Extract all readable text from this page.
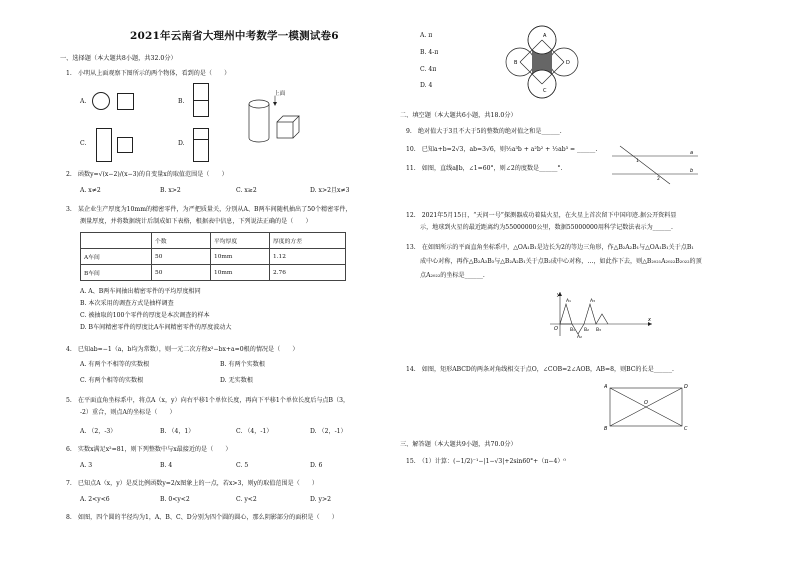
2021年云南省大理州中考数学一模测试卷6
一、选择题（本大题共8小题，共32.0分）
1.　小明从上面观察下图所示的两个物体，看到的是（　　）
A.	B.
上面
C.	D.
2.　函数y=√(x−2)/(x−3)的自变量x的取值范围是（　　）
A. x≠2	B. x>2	C. x≥2	D. x>2且x≠3
3.　某企业生产厚度为10mm的精密零件，为严把质量关，分别从A、B两车间随机抽出了50个精密零件，
测量厚度，并将数据统计后制成如下表格，根据表中信息，下列说法正确的是（　　）
	个数	平均厚度	厚度的方差
A车间	50	10mm	1.12
B车间	50	10mm	2.76
A. A、B两车间抽出精密零件的平均厚度相同
B. 本次采用的调查方式是抽样调查
C. 被抽取的100个零件的厚度是本次调查的样本
D. B车间精密零件的厚度比A车间精密零件的厚度波动大
4.　已知ab=−1（a，b均为常数），则一元二次方程x²−bx+a=0根的情况是（　　）
A. 有两个不相等的实数根	B. 有两个实数根
C. 有两个相等的实数根	D. 无实数根
5.　在平面直角坐标系中，将点A（x，y）向右平移1个单位长度，再向下平移1个单位长度后与点B（3，
-2）重合，则点A的坐标是（　　）
A. （2，-3）	B. （4，1）	C. （4，-1）	D. （2，-1）
6.　实数x满足x²=81，则下列整数中与x最接近的是（　　）
A. 3	B. 4	C. 5	D. 6
7.　已知点A（x，y）是反比例函数y=2/x图象上的一点，若x>3，则y的取值范围是（　　）
A. 2<y<6	B. 0<y<2	C. y<2	D. y>2
8.　如图，四个圆的半径均为1，A、B、C、D分别为四个圆的圆心，那么阴影部分的面积是（　　）
A. π
B. 4-π
C. 4π
D. 4
A
B
C
D
二、填空题（本大题共6小题，共18.0分）
9.　绝对值大于3且不大于5的整数的绝对值之和是______.
10.　已知a+b=2√3，ab=3√6，则½a³b + a²b² + ½ab³ = ______.
11.　如图，直线a∥b，∠1=60°，则∠2的度数是______°.
a
b
1
2
12.　2021年5月15日，“天问一号”探测器成功着陆火星，在火星上首次留下中国印迹.据公开资料显
示，地球到火星的最近距离约为55000000公里，数据55000000用科学记数法表示为______.
13.　在如图所示的平面直角坐标系中，△OA₁B₁是边长为2的等边三角形，作△B₂A₂B₁与△OA₁B₁关于点B₁
成中心对称，再作△B₂A₃B₃与△B₂A₂B₁关于点B₂成中心对称，…，如此作下去，则△B₂₀₂₁A₂₀₂₂B₂₀₂₂的顶
点A₂₀₂₂的坐标是______.
y
x
O
A₁
A₂
A₃
B₁ B₂ B₃
14.　如图，矩形ABCD的两条对角线相交于点O，∠COB=2∠AOB，AB=8，则BC的长是______.
A
B	C
D
O
三、解答题（本大题共9小题，共70.0分）
15.　（1）计算：(−1/2)⁻¹−|1−√3|+2sin60°+（π−4）⁰
